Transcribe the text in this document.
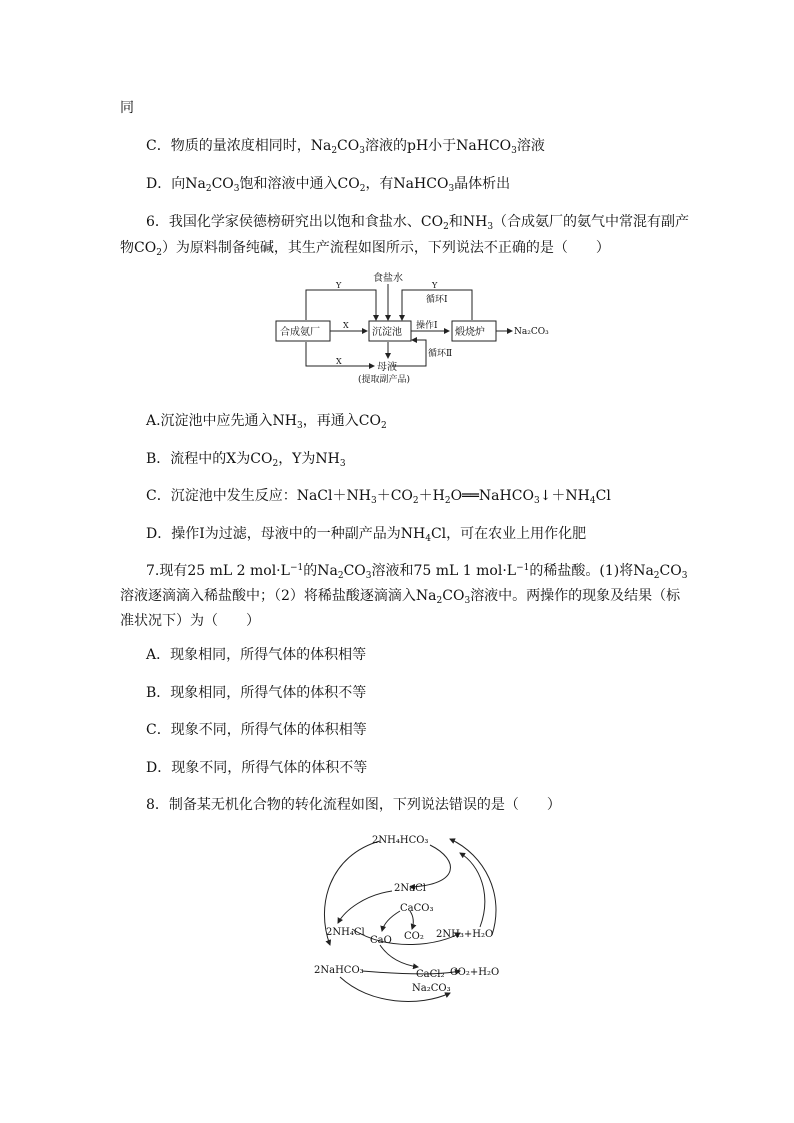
同
C．物质的量浓度相同时，$Na_2CO_3$溶液的pH小于NaHCO$_3$溶液
D．向$Na_2CO_3$饱和溶液中通入$CO_2$，有NaHCO$_3$晶体析出
6．我国化学家侯德榜研究出以饱和食盐水、$CO_2$和$NH_3$（合成氨厂的氨气中常混有副产
物$CO_2$）为原料制备纯碱，其生产流程如图所示，下列说法不正确的是（　　）
合成氨厂	沉淀池	煅烧炉
食盐水
循环Ⅰ
操作Ⅰ
循环Ⅱ
Na₂CO₃
母液
(提取副产品)
Y	Y
X
X
A.沉淀池中应先通入$NH_3$，再通入$CO_2$
B．流程中的X为$CO_2$，Y为$NH_3$
C．沉淀池中发生反应：$NaCl+NH_3+CO_2+H_2O══NaHCO_3↓+NH_4Cl$
D．操作Ⅰ为过滤，母液中的一种副产品为$NH_4Cl$，可在农业上用作化肥
7.现有25 mL 2 $mol\cdot L^{-1}$的$Na_2CO_3$溶液和75 mL 1 $mol\cdot L^{-1}$的稀盐酸。(1)将$Na_2CO_3$
溶液逐滴滴入稀盐酸中；（2）将稀盐酸逐滴滴入$Na_2CO_3$溶液中。两操作的现象及结果（标
准状况下）为（　　）
A．现象相同，所得气体的体积相等
B．现象相同，所得气体的体积不等
C．现象不同，所得气体的体积相等
D．现象不同，所得气体的体积不等
8．制备某无机化合物的转化流程如图，下列说法错误的是（　　）
2NH₄HCO₃
2NaCl
CaCO₃
2NH₄Cl	CO₂ 2NH₃+H₂O
CaO
2NaHCO₃	CaCl₂ CO₂+H₂O
Na₂CO₃
